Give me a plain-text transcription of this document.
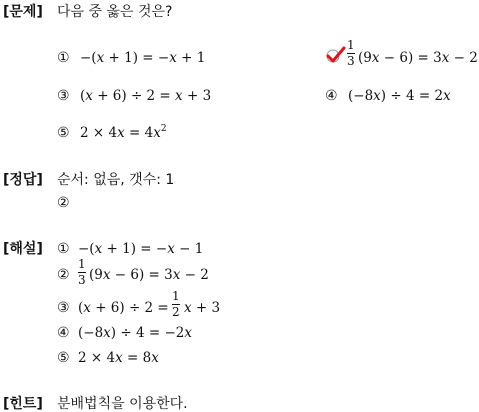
[문제] 다음 중 옳은 것은?
① −(x + 1) = −x + 1
1
3 (9x − 6) = 3x − 2
③ (x + 6) ÷ 2 = x + 3	④ (−8x) ÷ 4 = 2x
⑤ $2 \times 4x = 4x^2$
[정답] 순서: 없음, 갯수: 1
②
[해설] ① −(x + 1) = −x − 1
②
1
3 (9x − 6) = 3x − 2
③ (x + 6) ÷ 2 =
1
2 x + 3
④ (−8x) ÷ 4 = −2x
⑤ 2 × 4x = 8x
[힌트] 분배법칙을 이용한다.
